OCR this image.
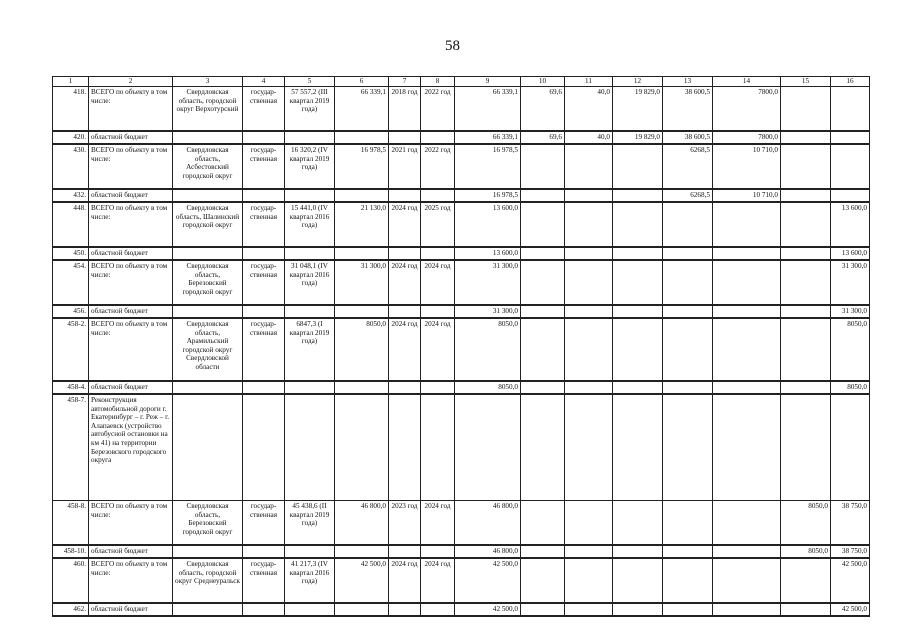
58
1	2	3	4	5	6	7	8	9	10	11	12	13	14	15	16
418.	ВСЕГО по объекту в том числе:	Свердловская область, городской округ Верхотурский	государ-ственная	57 557,2 (III квартал 2019 года)	66 339,1	2018 год	2022 год	66 339,1	69,6	40,0	19 829,0	38 600,5	7800,0		
420.	областной бюджет							66 339,1	69,6	40,0	19 829,0	38 600,5	7800,0		
430.	ВСЕГО по объекту в том числе:	Свердловская область, Асбестовский городской округ	государ-ственная	16 320,2 (IV квартал 2019 года)	16 978,5	2021 год	2022 год	16 978,5				6268,5	10 710,0		
432.	областной бюджет							16 978,5				6268,5	10 710,0		
448.	ВСЕГО по объекту в том числе:	Свердловская область, Шалинский городской округ	государ-ственная	15 441,0 (IV квартал 2016 года)	21 130,0	2024 год	2025 год	13 600,0							13 600,0
450.	областной бюджет							13 600,0							13 600,0
454.	ВСЕГО по объекту в том числе:	Свердловская область, Березовский городской округ	государ-ственная	31 048,1 (IV квартал 2016 года)	31 300,0	2024 год	2024 год	31 300,0							31 300,0
456.	областной бюджет							31 300,0							31 300,0
458-2.	ВСЕГО по объекту в том числе:	Свердловская область, Арамильский городской округ Свердловской области	государ-ственная	6847,3 (I квартал 2019 года)	8050,0	2024 год	2024 год	8050,0							8050,0
458-4.	областной бюджет							8050,0							8050,0
458-7.	Реконструкция автомобильной дороги г. Екатеринбург – г. Реж – г. Алапаевск (устройство автобусной остановки на км 41) на территории Березовского городского округа														
458-8.	ВСЕГО по объекту в том числе:	Свердловская область, Березовский городской округ	государ-ственная	45 438,6 (II квартал 2019 года)	46 800,0	2023 год	2024 год	46 800,0						8050,0	38 750,0
458-10.	областной бюджет							46 800,0						8050,0	38 750,0
460.	ВСЕГО по объекту в том числе:	Свердловская область, городской округ Среднеуральск	государ-ственная	41 217,3 (IV квартал 2016 года)	42 500,0	2024 год	2024 год	42 500,0							42 500,0
462.	областной бюджет							42 500,0							42 500,0
